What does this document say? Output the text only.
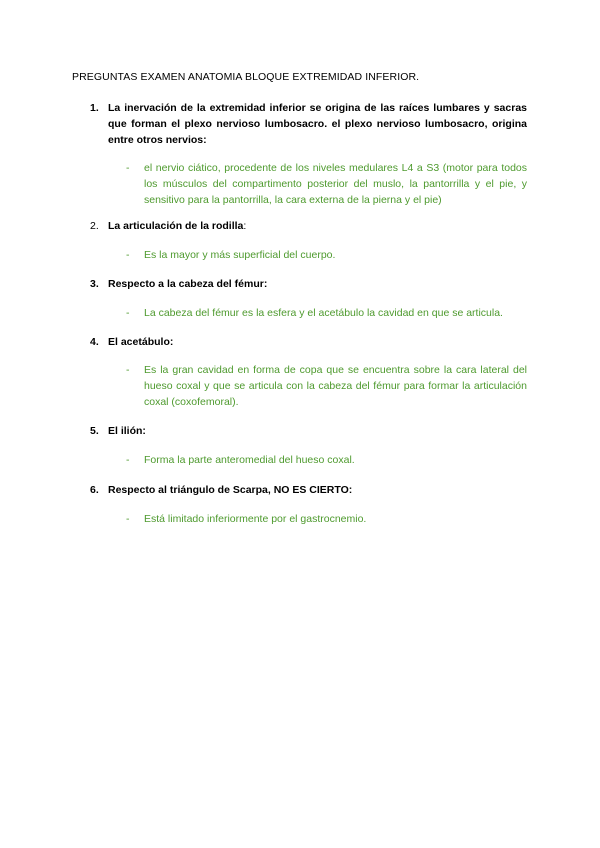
PREGUNTAS EXAMEN ANATOMIA BLOQUE EXTREMIDAD INFERIOR.
1. La inervación de la extremidad inferior se origina de las raíces lumbares y sacras que forman el plexo nervioso lumbosacro. el plexo nervioso lumbosacro, origina entre otros nervios:
-	el nervio ciático, procedente de los niveles medulares L4 a S3 (motor para todos los músculos del compartimento posterior del muslo, la pantorrilla y el pie, y sensitivo para la pantorrilla, la cara externa de la pierna y el pie)
2. La articulación de la rodilla:
-	Es la mayor y más superficial del cuerpo.
3. Respecto a la cabeza del fémur:
-	La cabeza del fémur es la esfera y el acetábulo la cavidad en que se articula.
4. El acetábulo:
-	Es la gran cavidad en forma de copa que se encuentra sobre la cara lateral del hueso coxal y que se articula con la cabeza del fémur para formar la articulación coxal (coxofemoral).
5. El ilión:
-	Forma la parte anteromedial del hueso coxal.
6. Respecto al triángulo de Scarpa, NO ES CIERTO:
-	Está limitado inferiormente por el gastrocnemio.
